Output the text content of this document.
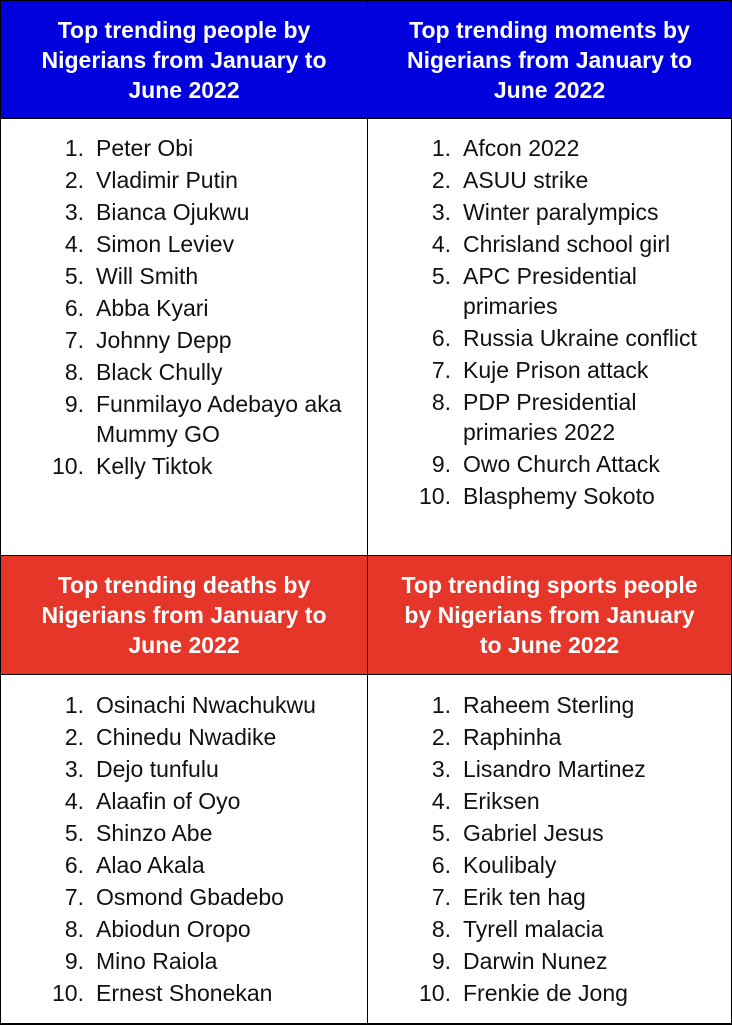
Top trending people by
Nigerians from January to
June 2022
1. Peter Obi
2. Vladimir Putin
3. Bianca Ojukwu
4. Simon Leviev
5. Will Smith
6. Abba Kyari
7. Johnny Depp
8. Black Chully
9. Funmilayo Adebayo aka Mummy GO
10. Kelly Tiktok
Top trending moments by
Nigerians from January to
June 2022
1. Afcon 2022
2. ASUU strike
3. Winter paralympics
4. Chrisland school girl
5. APC Presidential primaries
6. Russia Ukraine conflict
7. Kuje Prison attack
8. PDP Presidential primaries 2022
9. Owo Church Attack
10. Blasphemy Sokoto
Top trending deaths by
Nigerians from January to
June 2022
1. Osinachi Nwachukwu
2. Chinedu Nwadike
3. Dejo tunfulu
4. Alaafin of Oyo
5. Shinzo Abe
6. Alao Akala
7. Osmond Gbadebo
8. Abiodun Oropo
9. Mino Raiola
10. Ernest Shonekan
Top trending sports people
by Nigerians from January
to June 2022
1. Raheem Sterling
2. Raphinha
3. Lisandro Martinez
4. Eriksen
5. Gabriel Jesus
6. Koulibaly
7. Erik ten hag
8. Tyrell malacia
9. Darwin Nunez
10. Frenkie de Jong
